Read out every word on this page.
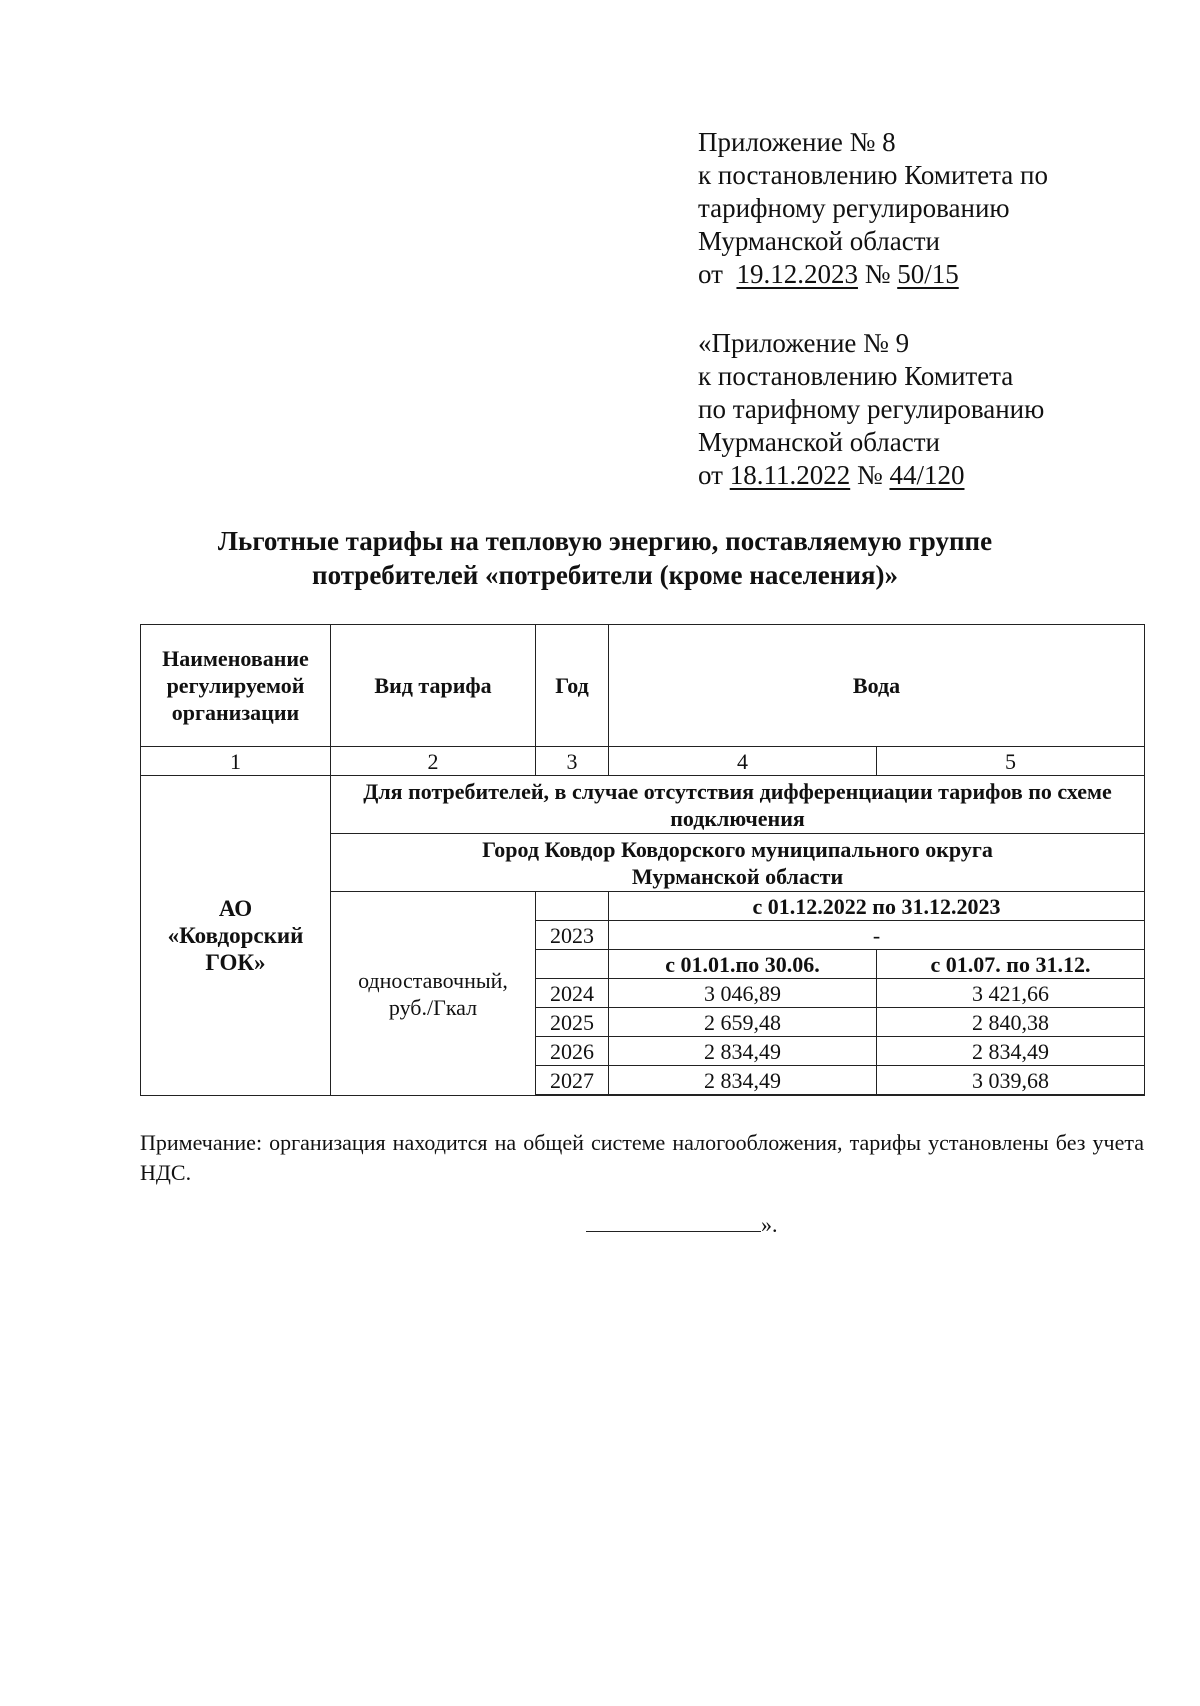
Приложение № 8
к постановлению Комитета по
тарифному регулированию
Мурманской области
от 19.12.2023 № 50/15
«Приложение № 9
к постановлению Комитета
по тарифному регулированию
Мурманской области
от 18.11.2022 № 44/120
Льготные тарифы на тепловую энергию, поставляемую группе
потребителей «потребители (кроме населения)»
Наименование регулируемой организации	Вид тарифа	Год	Вода	
1	2	3	4	5
АО «Ковдорский ГОК»	Для потребителей, в случае отсутствия дифференциации тарифов по схеме подключения			
	Город Ковдор Ковдорского муниципального округа Мурманской области			
	одноставочный, руб./Гкал		с 01.12.2022 по 31.12.2023	
		2023	-	
			с 01.01.по 30.06.	с 01.07. по 31.12.
		2024	3 046,89	3 421,66
		2025	2 659,48	2 840,38
		2026	2 834,49	2 834,49
		2027	2 834,49	3 039,68

Примечание: организация находится на общей системе налогообложения, тарифы установлены без учета НДС.
».
